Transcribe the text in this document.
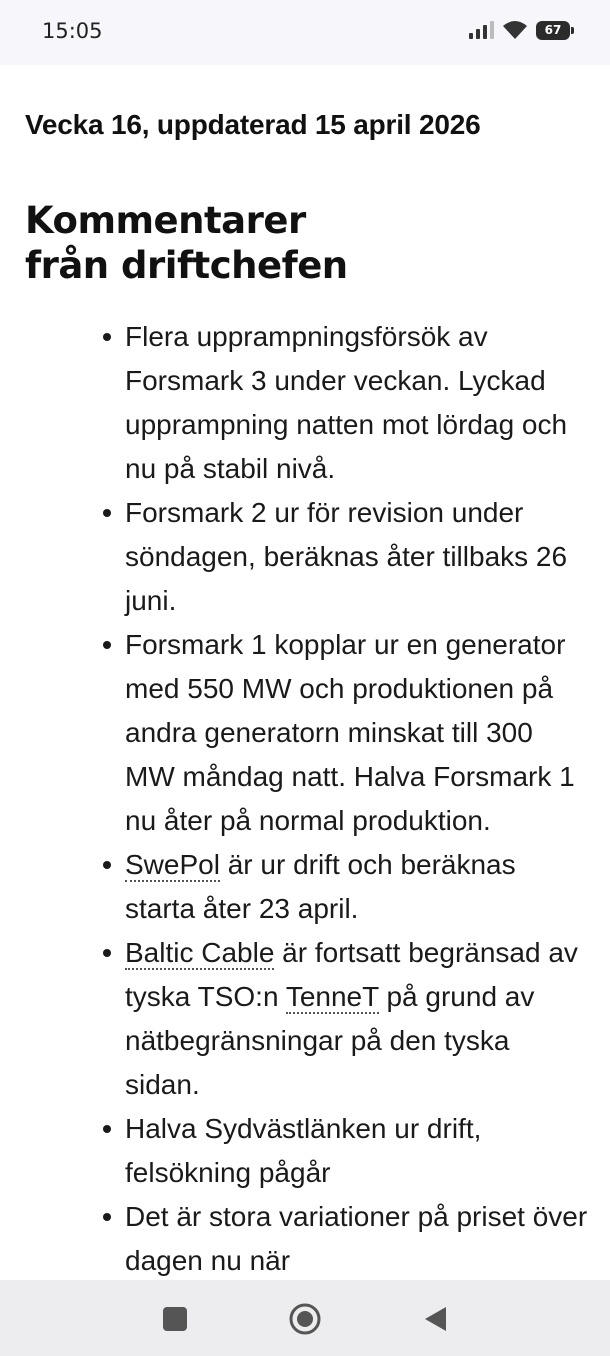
15:05	67
Vecka 16, uppdaterad 15 april 2026
Kommentarer
från driftchefen
Flera upprampningsförsök av Forsmark 3 under veckan. Lyckad upprampning natten mot lördag och nu på stabil nivå.
Forsmark 2 ur för revision under söndagen, beräknas åter tillbaks 26 juni.
Forsmark 1 kopplar ur en generator med 550 MW och produktionen på andra generatorn minskat till 300 MW måndag natt. Halva Forsmark 1 nu åter på normal produktion.
SwePol är ur drift och beräknas starta åter 23 april.
Baltic Cable är fortsatt begränsad av tyska TSO:n TenneT på grund av nätbegränsningar på den tyska sidan.
Halva Sydvästlänken ur drift, felsökning pågår
Det är stora variationer på priset över dagen nu när
